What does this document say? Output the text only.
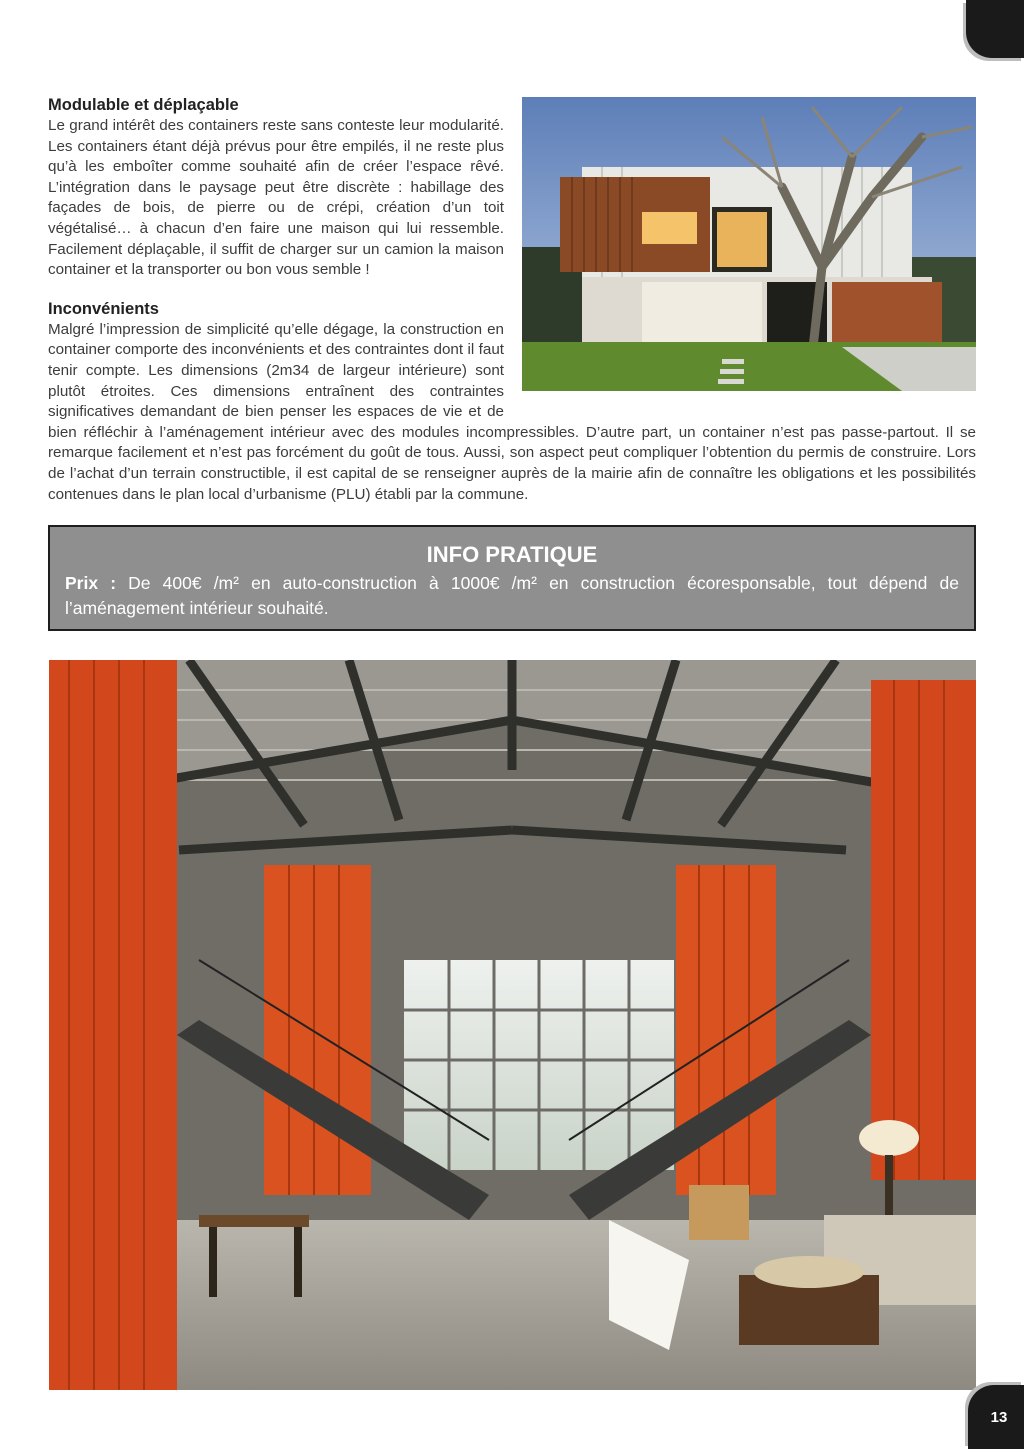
Modulable et déplaçable

Le grand intérêt des containers reste sans conteste leur modularité. Les containers étant déjà prévus pour être empilés, il ne reste plus qu’à les emboîter comme souhaité afin de créer l’espace rêvé. L’intégration dans le paysage peut être discrète : habillage des façades de bois, de pierre ou de crépi, création d’un toit végétalisé… à chacun d’en faire une maison qui lui ressemble. Facilement déplaçable, il suffit de charger sur un camion la maison container et la transporter ou bon vous semble !

Inconvénients

Malgré l’impression de simplicité qu’elle dégage, la construction en container comporte des inconvénients et des contraintes dont il faut tenir compte. Les dimensions (2m34 de largeur intérieure) sont plutôt étroites. Ces dimensions entraînent des contraintes significatives demandant de bien penser les espaces de vie et de bien réfléchir à l’aménagement intérieur avec des modules incompressibles. D’autre part, un container n’est pas passe-partout. Il se remarque facilement et n’est pas forcément du goût de tous. Aussi, son aspect peut compliquer l’obtention du permis de construire. Lors de l’achat d’un terrain constructible, il est capital de se renseigner auprès de la mairie afin de connaître les obligations et les possibilités contenues dans le plan local d’urbanisme (PLU) établi par la commune.

INFO PRATIQUE
Prix : De 400€ /m² en auto-construction à 1000€ /m² en construction écoresponsable, tout dépend de l’aménagement intérieur souhaité.
13
